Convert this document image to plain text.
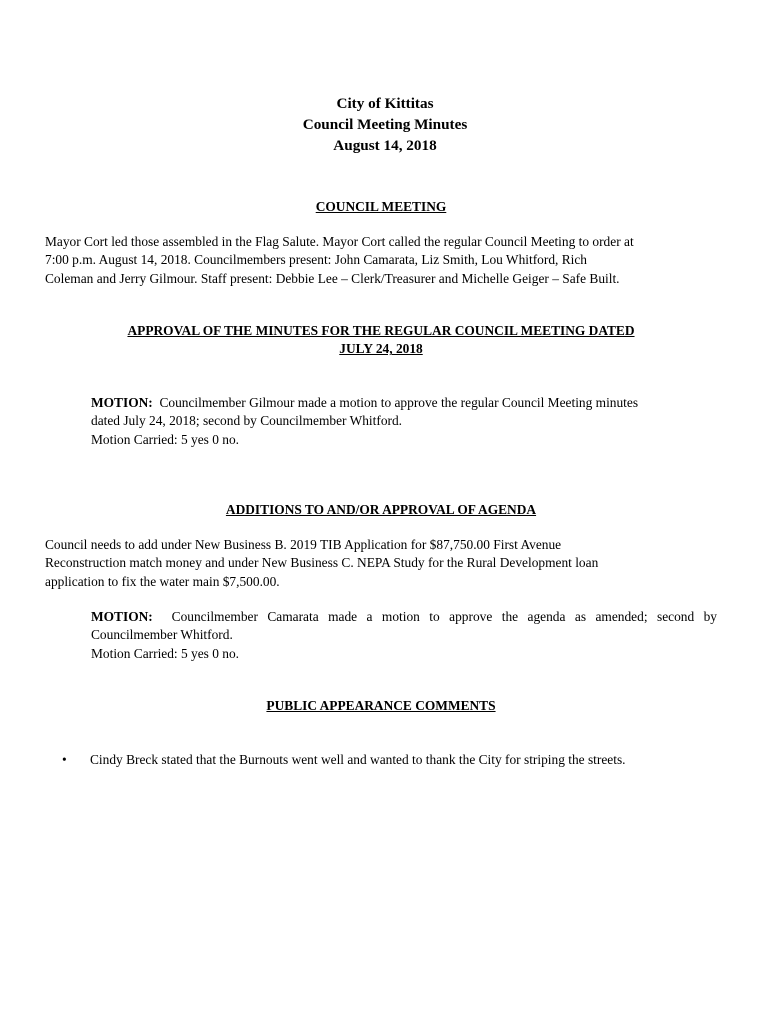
City of Kittitas
Council Meeting Minutes
August 14, 2018
COUNCIL MEETING
Mayor Cort led those assembled in the Flag Salute. Mayor Cort called the regular Council Meeting to order at
7:00 p.m. August 14, 2018. Councilmembers present: John Camarata, Liz Smith, Lou Whitford, Rich
Coleman and Jerry Gilmour. Staff present: Debbie Lee – Clerk/Treasurer and Michelle Geiger – Safe Built.
APPROVAL OF THE MINUTES FOR THE REGULAR COUNCIL MEETING DATED
JULY 24, 2018
MOTION: Councilmember Gilmour made a motion to approve the regular Council Meeting minutes
dated July 24, 2018; second by Councilmember Whitford.
Motion Carried: 5 yes 0 no.
ADDITIONS TO AND/OR APPROVAL OF AGENDA
Council needs to add under New Business B. 2019 TIB Application for $87,750.00 First Avenue
Reconstruction match money and under New Business C. NEPA Study for the Rural Development loan
application to fix the water main $7,500.00.
MOTION: Councilmember Camarata made a motion to approve the agenda as amended; second by
Councilmember Whitford.
Motion Carried: 5 yes 0 no.
PUBLIC APPEARANCE COMMENTS
• Cindy Breck stated that the Burnouts went well and wanted to thank the City for striping the streets.
